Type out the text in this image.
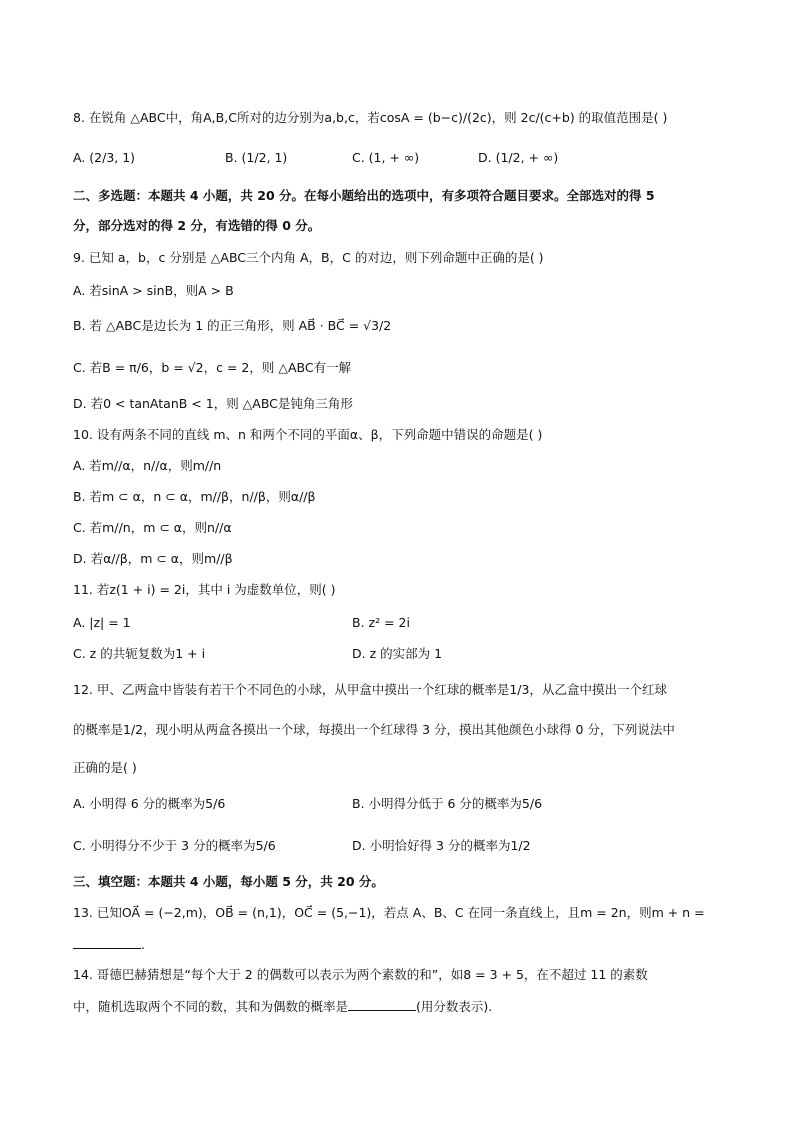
8. 在锐角 △ABC中，角A,B,C所对的边分别为a,b,c，若cosA = (b−c)/(2c)，则 2c/(c+b) 的取值范围是( )
A. (2/3, 1)	B. (1/2, 1)	C. (1, + ∞)	D. (1/2, + ∞)
二、多选题：本题共 4 小题，共 20 分。在每小题给出的选项中，有多项符合题目要求。全部选对的得 5
分，部分选对的得 2 分，有选错的得 0 分。
9. 已知 a，b，c 分别是 △ABC三个内角 A，B，C 的对边，则下列命题中正确的是( )
A. 若sinA > sinB，则A > B
B. 若 △ABC是边长为 1 的正三角形，则 AB⃗ · BC⃗ = √3/2
C. 若B = π/6，b = √2，c = 2，则 △ABC有一解
D. 若0 < tanAtanB < 1，则 △ABC是钝角三角形
10. 设有两条不同的直线 m、n 和两个不同的平面α、β，下列命题中错误的命题是( )
A. 若m//α，n//α，则m//n
B. 若m ⊂ α，n ⊂ α，m//β，n//β，则α//β
C. 若m//n，m ⊂ α，则n//α
D. 若α//β，m ⊂ α，则m//β
11. 若z(1 + i) = 2i，其中 i 为虚数单位，则( )
A. |z| = 1	B. z² = 2i
C. z 的共轭复数为1 + i	D. z 的实部为 1
12. 甲、乙两盒中皆装有若干个不同色的小球，从甲盒中摸出一个红球的概率是1/3，从乙盒中摸出一个红球
的概率是1/2，现小明从两盒各摸出一个球，每摸出一个红球得 3 分，摸出其他颜色小球得 0 分，下列说法中
正确的是( )
A. 小明得 6 分的概率为5/6	B. 小明得分低于 6 分的概率为5/6
C. 小明得分不少于 3 分的概率为5/6	D. 小明恰好得 3 分的概率为1/2
三、填空题：本题共 4 小题，每小题 5 分，共 20 分。
13. 已知OA⃗ = (−2,m)，OB⃗ = (n,1)，OC⃗ = (5,−1)，若点 A、B、C 在同一条直线上，且m = 2n，则m + n =
.
14. 哥德巴赫猜想是“每个大于 2 的偶数可以表示为两个素数的和”，如8 = 3 + 5，在不超过 11 的素数
中，随机选取两个不同的数，其和为偶数的概率是	(用分数表示).
